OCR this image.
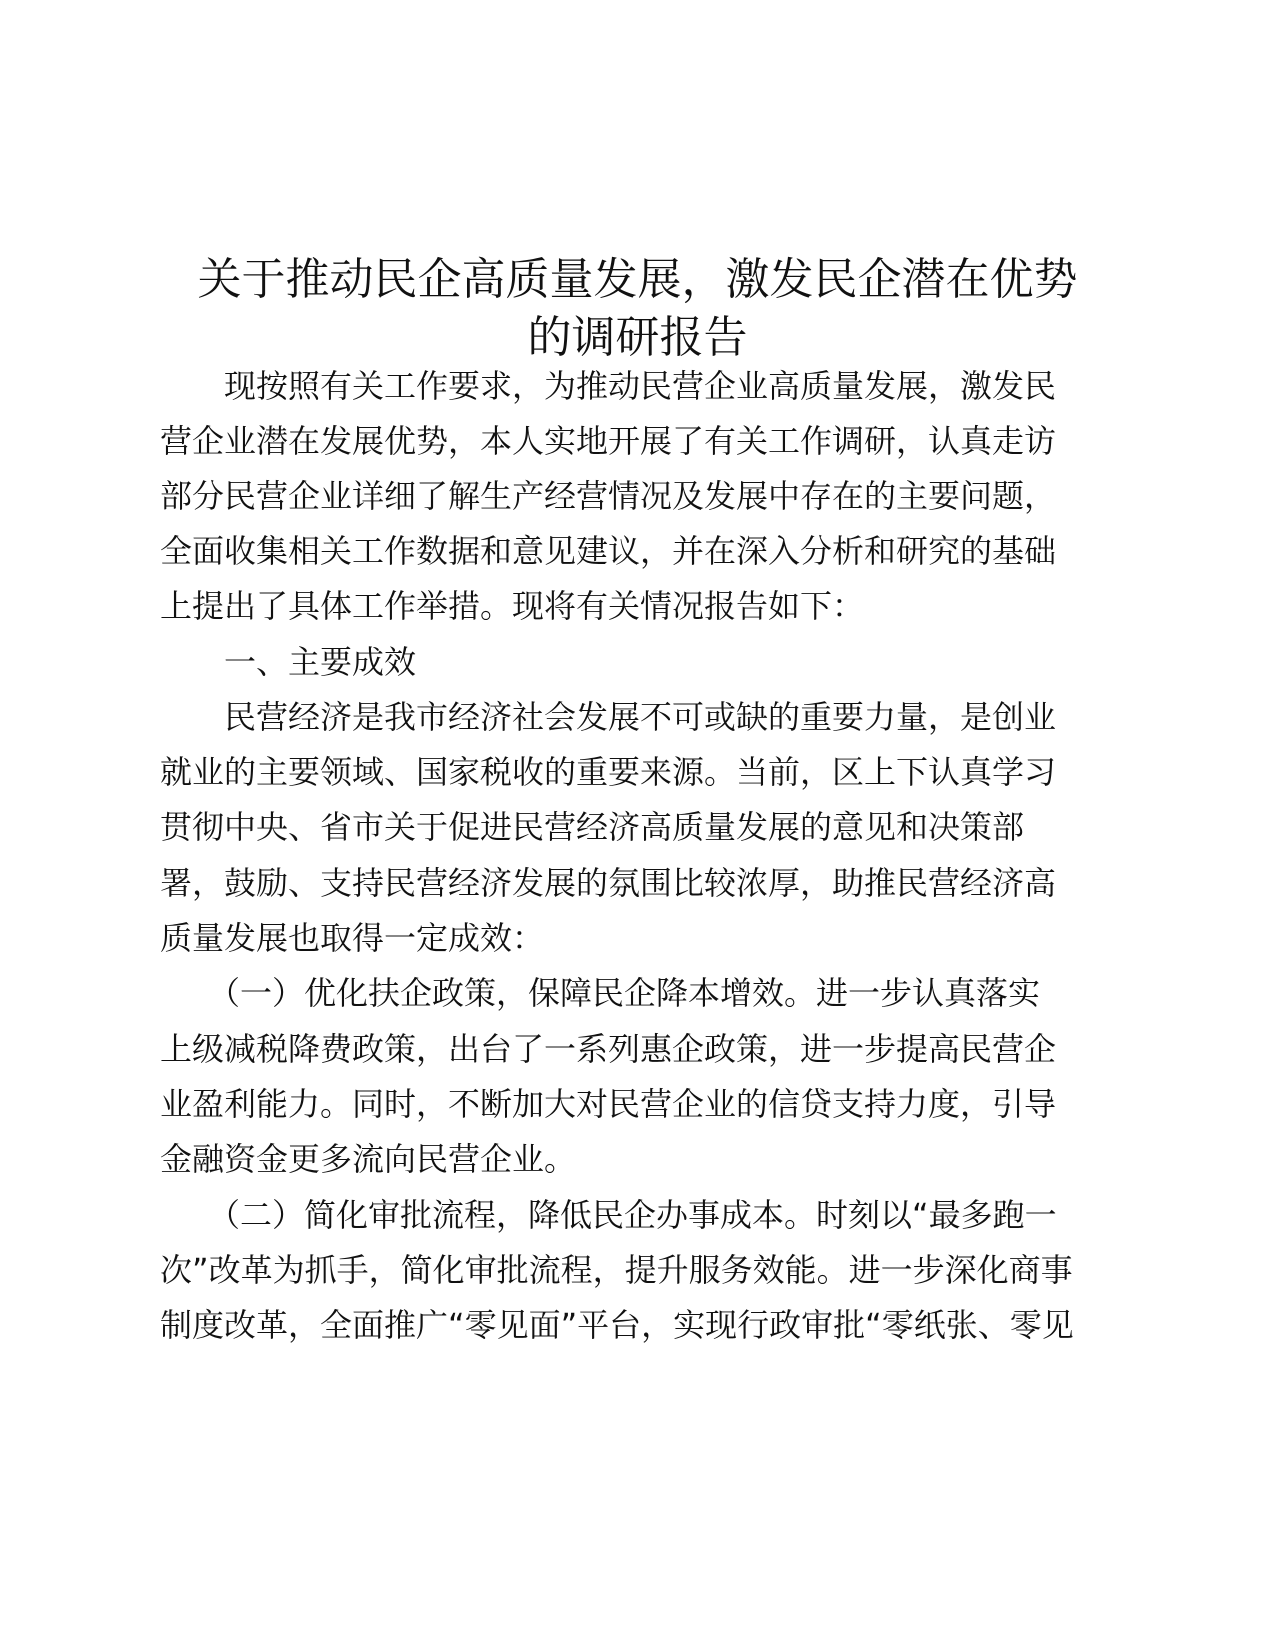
关于推动民企高质量发展，激发民企潜在优势
的调研报告
　　现按照有关工作要求，为推动民营企业高质量发展，激发民
营企业潜在发展优势，本人实地开展了有关工作调研，认真走访
部分民营企业详细了解生产经营情况及发展中存在的主要问题，
全面收集相关工作数据和意见建议，并在深入分析和研究的基础
上提出了具体工作举措。现将有关情况报告如下：
　　一、主要成效
　　民营经济是我市经济社会发展不可或缺的重要力量，是创业
就业的主要领域、国家税收的重要来源。当前，区上下认真学习
贯彻中央、省市关于促进民营经济高质量发展的意见和决策部
署，鼓励、支持民营经济发展的氛围比较浓厚，助推民营经济高
质量发展也取得一定成效：
　　（一）优化扶企政策，保障民企降本增效。进一步认真落实
上级减税降费政策，出台了一系列惠企政策，进一步提高民营企
业盈利能力。同时，不断加大对民营企业的信贷支持力度，引导
金融资金更多流向民营企业。
　　（二）简化审批流程，降低民企办事成本。时刻以“最多跑一
次”改革为抓手，简化审批流程，提升服务效能。进一步深化商事
制度改革，全面推广“零见面”平台，实现行政审批“零纸张、零见
